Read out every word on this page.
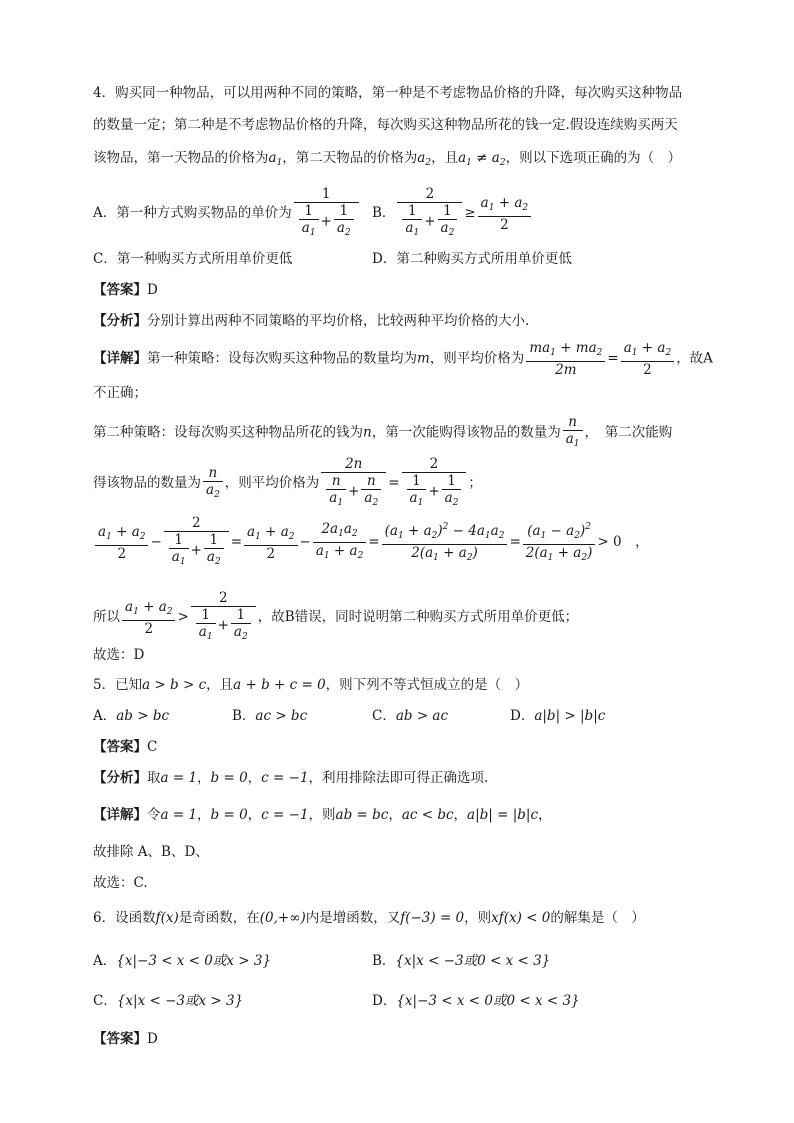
4．购买同一种物品，可以用两种不同的策略，第一种是不考虑物品价格的升降，每次购买这种物品
的数量一定；第二种是不考虑物品价格的升降，每次购买这种物品所花的钱一定.假设连续购买两天
该物品，第一天物品的价格为$a_1$，第二天物品的价格为$a_2$，且$a_1 \ne a_2$，则以下选项正确的为（　）
A．第一种方式购买物品的单价为 $\frac{1}{\frac{1}{a_1} + \frac{1}{a_2}}$ B． $\frac{2}{\frac{1}{a_1} + \frac{1}{a_2}} \ge \frac{a_1 + a_2}{2}$
C．第一种购买方式所用单价更低	D．第二种购买方式所用单价更低
【答案】D
【分析】分别计算出两种不同策略的平均价格，比较两种平均价格的大小.
【详解】第一种策略：设每次购买这种物品的数量均为m，则平均价格为 $\frac{ma_1 + ma_2}{2m} = \frac{a_1 + a_2}{2}$ ，故A
不正确；
第二种策略：设每次购买这种物品所花的钱为n，第一次能购得该物品的数量为 $\frac{n}{a_1}$ ，　第二次能购
得该物品的数量为 $\frac{n}{a_2}$ ，则平均价格为 $\frac{2n}{\frac{n}{a_1} + \frac{n}{a_2}} = \frac{2}{\frac{1}{a_1} + \frac{1}{a_2}}$ ；
$\frac{a_1 + a_2}{2} - \frac{2}{\frac{1}{a_1} + \frac{1}{a_2}} = \frac{a_1 + a_2}{2} - \frac{2a_1a_2}{a_1 + a_2} = \frac{(a_1 + a_2)^2 - 4a_1a_2}{2(a_1 + a_2)} = \frac{(a_1 - a_2)^2}{2(a_1 + a_2)} > 0$　，
所以 $\frac{a_1 + a_2}{2} > \frac{2}{\frac{1}{a_1} + \frac{1}{a_2}}$ ，故B错误，同时说明第二种购买方式所用单价更低；
故选：D
5．已知a > b > c，且a + b + c = 0，则下列不等式恒成立的是（　）
A．ab > bc	B．ac > bc	C．ab > ac	D．a|b| > |b|c
【答案】C
【分析】取a = 1，b = 0，c = −1，利用排除法即可得正确选项.
【详解】令a = 1，b = 0，c = −1，则ab = bc，ac < bc，a|b| = |b|c，
故排除 A、B、D、
故选：C.
6．设函数f(x)是奇函数，在(0,+∞)内是增函数，又f(−3) = 0，则xf(x) < 0的解集是（　）
A．{x|−3 < x < 0或x > 3}	B．{x|x < −3或0 < x < 3}
C．{x|x < −3或x > 3}	D．{x|−3 < x < 0或0 < x < 3}
【答案】D
